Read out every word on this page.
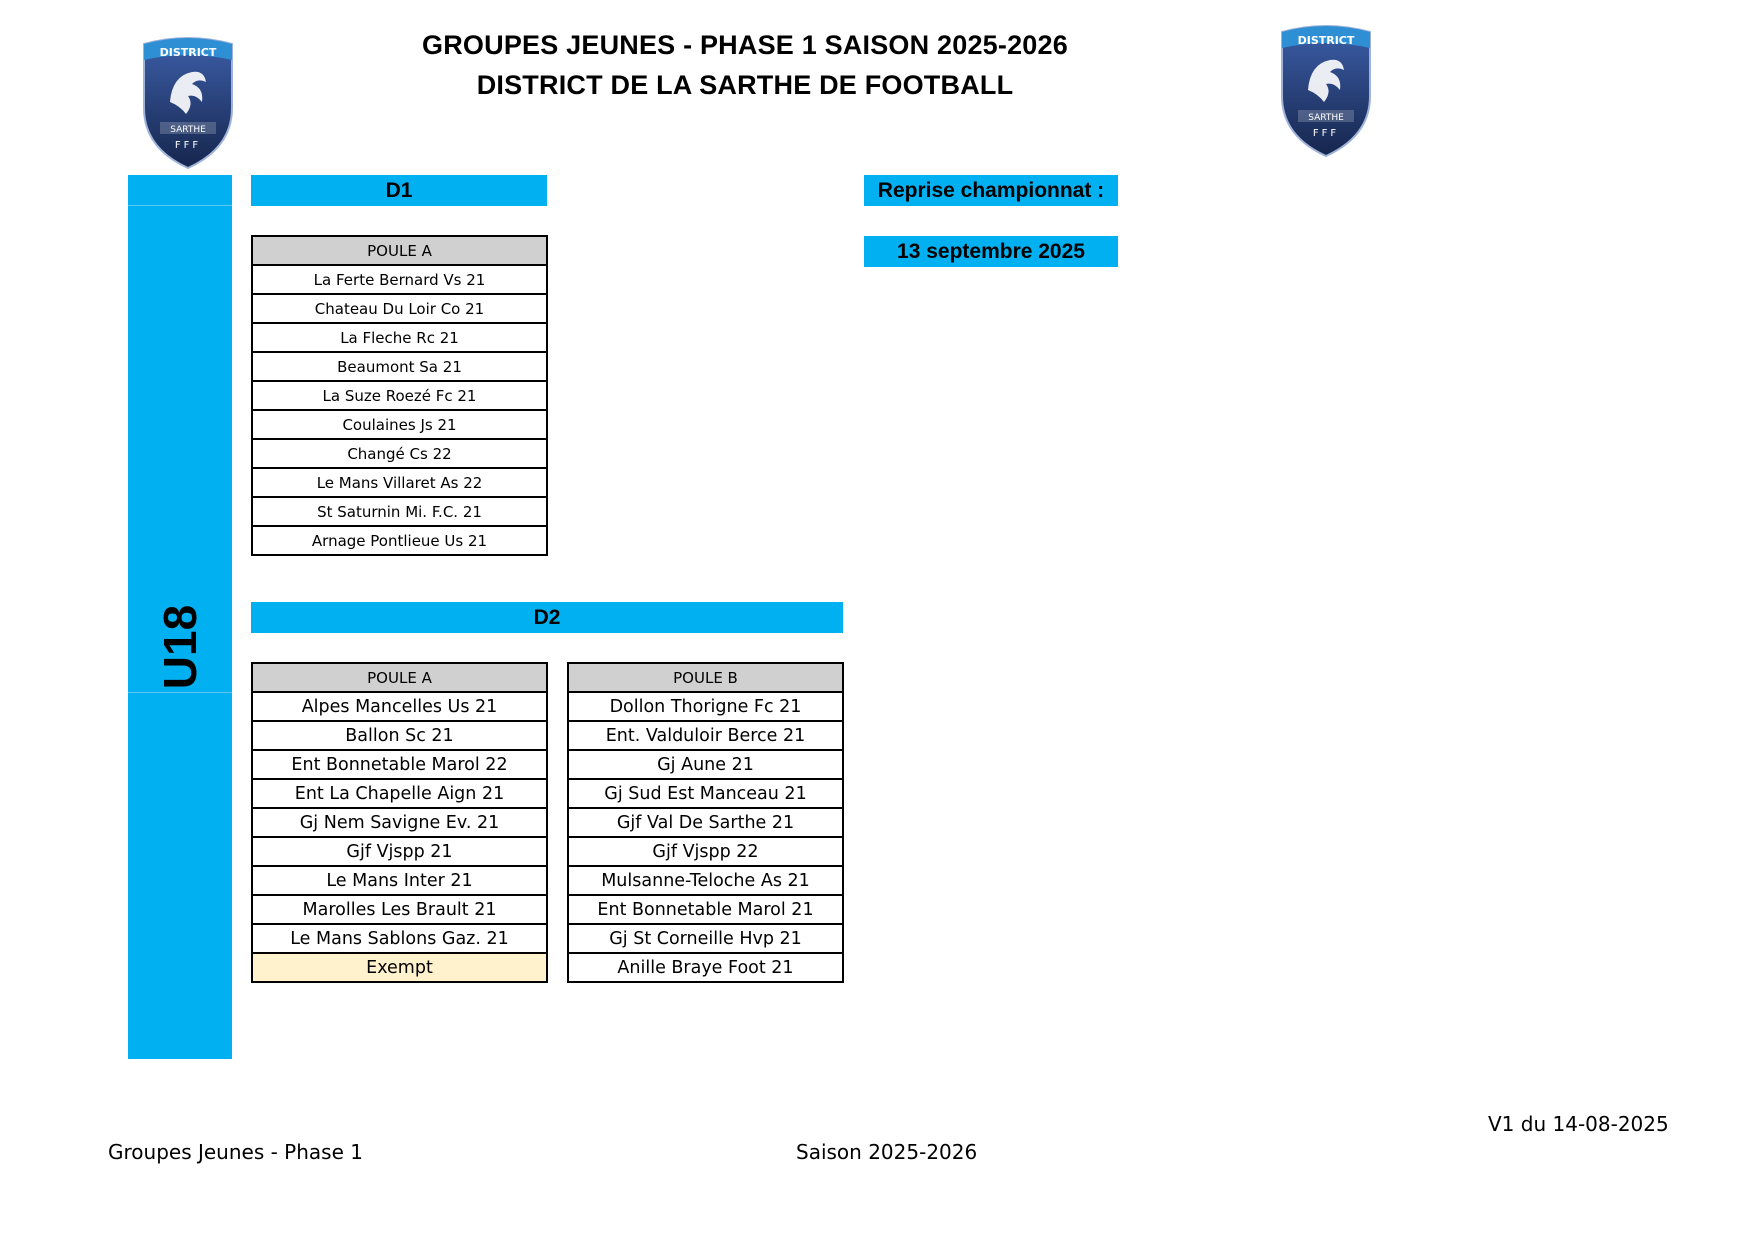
GROUPES JEUNES - PHASE 1 SAISON 2025-2026
DISTRICT DE LA SARTHE DE FOOTBALL
DISTRICT
SARTHE
FFF
DISTRICT
SARTHE
FFF
U18
D1	Reprise championnat :
13 septembre 2025
POULE A
La Ferte Bernard Vs 21
Chateau Du Loir Co 21
La Fleche Rc 21
Beaumont Sa 21
La Suze Roezé Fc 21
Coulaines Js 21
Changé Cs 22
Le Mans Villaret As 22
St Saturnin Mi. F.C. 21
Arnage Pontlieue Us 21
D2
POULE A
Alpes Mancelles Us 21
Ballon Sc 21
Ent Bonnetable Marol 22
Ent La Chapelle Aign 21
Gj Nem Savigne Ev. 21
Gjf Vjspp 21
Le Mans Inter 21
Marolles Les Brault 21
Le Mans Sablons Gaz. 21
Exempt
POULE B
Dollon Thorigne Fc 21
Ent. Valduloir Berce 21
Gj Aune 21
Gj Sud Est Manceau 21
Gjf Val De Sarthe 21
Gjf Vjspp 22
Mulsanne-Teloche As 21
Ent Bonnetable Marol 21
Gj St Corneille Hvp 21
Anille Braye Foot 21
V1 du 14-08-2025
Groupes Jeunes - Phase 1	Saison 2025-2026
